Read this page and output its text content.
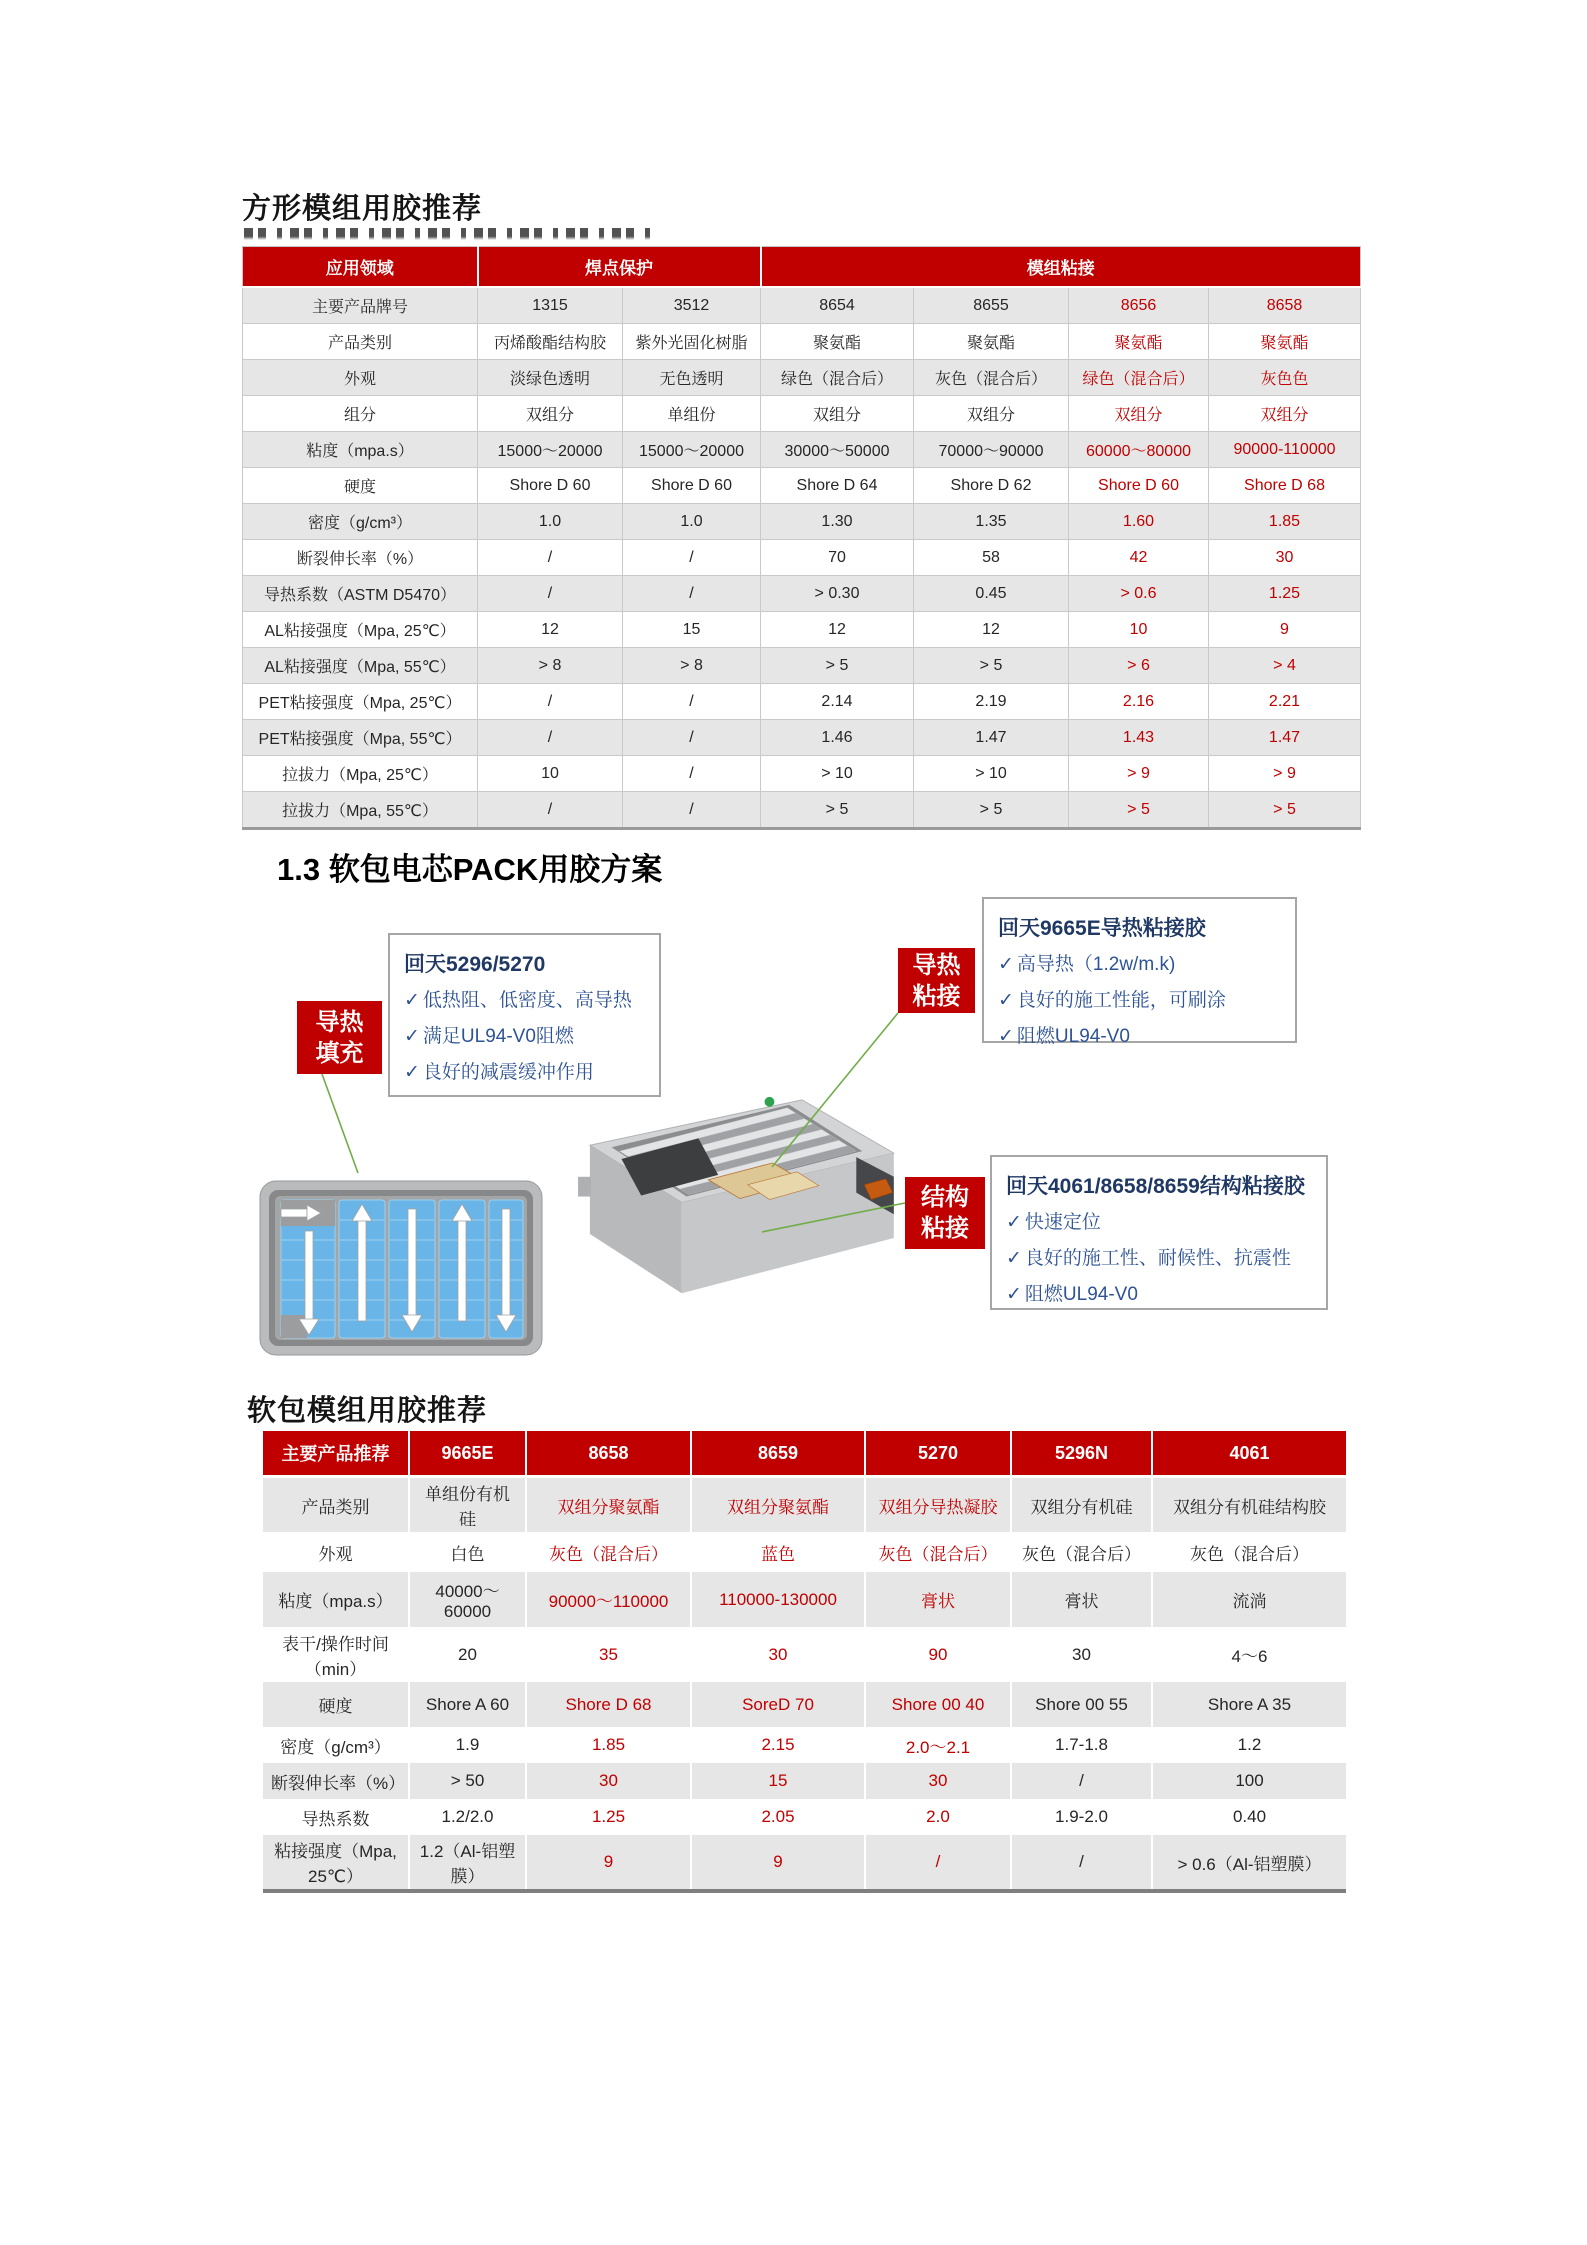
方形模组用胶推荐
应用领域	焊点保护		模组粘接			
主要产品牌号	1315	3512	8654	8655	8656	8658
产品类别	丙烯酸酯结构胶	紫外光固化树脂	聚氨酯	聚氨酯	聚氨酯	聚氨酯
外观	淡绿色透明	无色透明	绿色（混合后）	灰色（混合后）	绿色（混合后）	灰色色
组分	双组分	单组份	双组分	双组分	双组分	双组分
粘度（mpa.s）	15000～20000	15000～20000	30000～50000	70000～90000	60000～80000	90000-110000
硬度	Shore D 60	Shore D 60	Shore D 64	Shore D 62	Shore D 60	Shore D 68
密度（g/cm³）	1.0	1.0	1.30	1.35	1.60	1.85
断裂伸长率（%）	/	/	70	58	42	30
导热系数（ASTM D5470）	/	/	> 0.30	0.45	> 0.6	1.25
AL粘接强度（Mpa, 25℃）	12	15	12	12	10	9
AL粘接强度（Mpa, 55℃）	> 8	> 8	> 5	> 5	> 6	> 4
PET粘接强度（Mpa, 25℃）	/	/	2.14	2.19	2.16	2.21
PET粘接强度（Mpa, 55℃）	/	/	1.46	1.47	1.43	1.47
拉拔力（Mpa, 25℃）	10	/	> 10	> 10	> 9	> 9
拉拔力（Mpa, 55℃）	/	/	> 5	> 5	> 5	> 5
1.3 软包电芯PACK用胶方案
导热填充
导热粘接
结构粘接
回天5296/5270
✓ 低热阻、低密度、高导热
✓ 满足UL94-V0阻燃
✓ 良好的减震缓冲作用
回天9665E导热粘接胶
✓ 高导热（1.2w/m.k)
✓ 良好的施工性能，可刷涂
✓ 阻燃UL94-V0
回天4061/8658/8659结构粘接胶
✓ 快速定位
✓ 良好的施工性、耐候性、抗震性
✓ 阻燃UL94-V0
软包模组用胶推荐
主要产品推荐	9665E	8658	8659	5270	5296N	4061
产品类别	单组份有机硅	双组分聚氨酯	双组分聚氨酯	双组分导热凝胶	双组分有机硅	双组分有机硅结构胶
外观	白色	灰色（混合后）	蓝色	灰色（混合后）	灰色（混合后）	灰色（混合后）
粘度（mpa.s）	40000～60000	90000～110000	110000-130000	膏状	膏状	流淌
表干/操作时间（min）	20	35	30	90	30	4～6
硬度	Shore A 60	Shore D 68	SoreD 70	Shore 00 40	Shore 00 55	Shore A 35
密度（g/cm³）	1.9	1.85	2.15	2.0～2.1	1.7-1.8	1.2
断裂伸长率（%）	> 50	30	15	30	/	100
导热系数	1.2/2.0	1.25	2.05	2.0	1.9-2.0	0.40
粘接强度（Mpa, 25℃）	1.2（Al-铝塑膜）	9	9	/	/	> 0.6（Al-铝塑膜）
